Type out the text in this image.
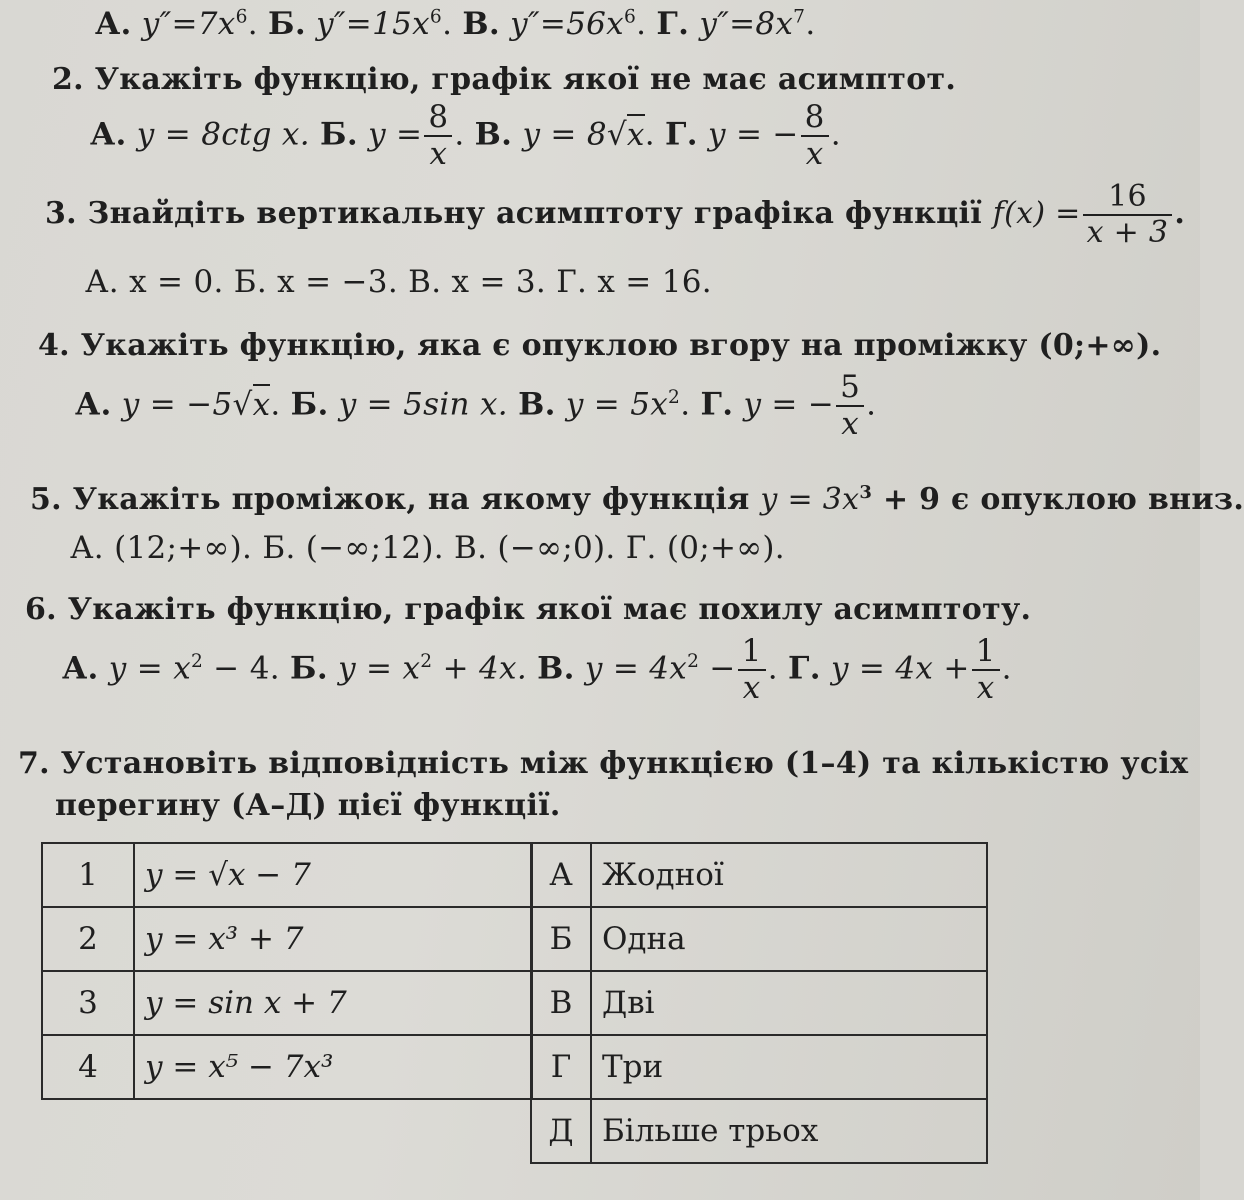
А. $y''=7x^6$. Б. $y''=15x^6$. В. $y''=56x^6$. Г. $y''=8x^7$.
2. Укажіть функцію, графік якої не має асимптот.
А. y = 8ctg x. Б. $y = \frac{8}{x}$ . В. y = 8√x. Г. y = − $\frac{8}{x}$ .
3. Знайдіть вертикальну асимптоту графіка функції $f(x) = \frac{16}{x + 3}$ .
А. x = 0. Б. x = −3. В. x = 3. Г. x = 16.
4. Укажіть функцію, яка є опуклою вгору на проміжку (0;+∞).
А. y = −5√x. Б. y = 5sin x. В. $y = 5x^2$. Г. y = − $\frac{5}{x}$ .
5. Укажіть проміжок, на якому функція $y = 3x^3 + 9$ є опуклою вниз.
А. (12;+∞). Б. (−∞;12). В. (−∞;0). Г. (0;+∞).
6. Укажіть функцію, графік якої має похилу асимптоту.
А. $y = x^2 - 4$. Б. $y = x^2 + 4x$. В. $y = 4x^2 - \frac{1}{x}$ . Г. $y = 4x + \frac{1}{x}$ .
7. Установіть відповідність між функцією (1–4) та кількістю усіх
перегину (А–Д) цієї функції.
1	y = √x − 7
2	y = x³ + 7
3	y = sin x + 7
4	y = x⁵ − 7x³
А	Жодної
Б	Одна
В	Дві
Г	Три
Д	Більше трьох
